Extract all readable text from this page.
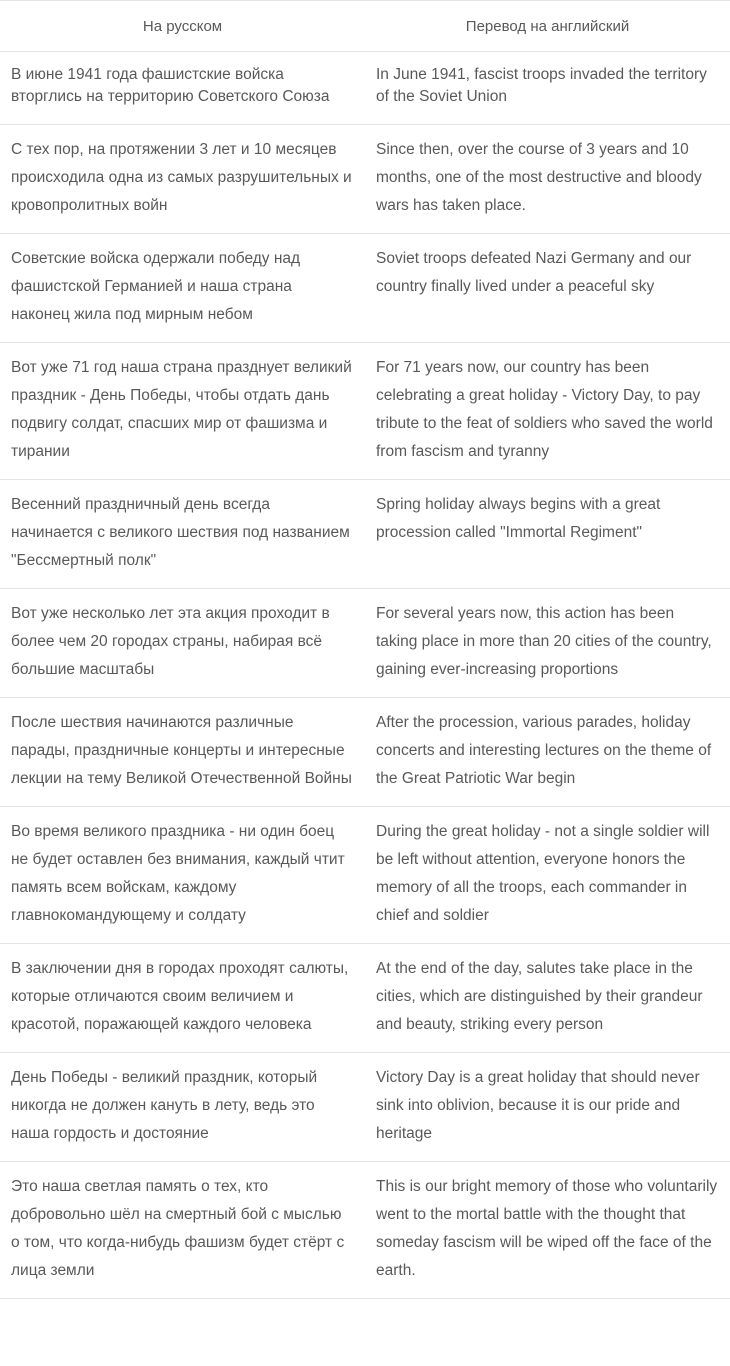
На русском	Перевод на английский
В июне 1941 года фашистские войска вторглись на территорию Советского Союза	In June 1941, fascist troops invaded the territory of the Soviet Union
С тех пор, на протяжении 3 лет и 10 месяцев происходила одна из самых разрушительных и кровопролитных войн	Since then, over the course of 3 years and 10 months, one of the most destructive and bloody wars has taken place.
Советские войска одержали победу над фашистской Германией и наша страна наконец жила под мирным небом	Soviet troops defeated Nazi Germany and our country finally lived under a peaceful sky
Вот уже 71 год наша страна празднует великий праздник - День Победы, чтобы отдать дань подвигу солдат, спасших мир от фашизма и тирании	For 71 years now, our country has been celebrating a great holiday - Victory Day, to pay tribute to the feat of soldiers who saved the world from fascism and tyranny
Весенний праздничный день всегда начинается с великого шествия под названием "Бессмертный полк"	Spring holiday always begins with a great procession called "Immortal Regiment"
Вот уже несколько лет эта акция проходит в более чем 20 городах страны, набирая всё большие масштабы	For several years now, this action has been taking place in more than 20 cities of the country, gaining ever-increasing proportions
После шествия начинаются различные парады, праздничные концерты и интересные лекции на тему Великой Отечественной Войны	After the procession, various parades, holiday concerts and interesting lectures on the theme of the Great Patriotic War begin
Во время великого праздника - ни один боец не будет оставлен без внимания, каждый чтит память всем войскам, каждому главнокомандующему и солдату	During the great holiday - not a single soldier will be left without attention, everyone honors the memory of all the troops, each commander in chief and soldier
В заключении дня в городах проходят салюты, которые отличаются своим величием и красотой, поражающей каждого человека	At the end of the day, salutes take place in the cities, which are distinguished by their grandeur and beauty, striking every person
День Победы - великий праздник, который никогда не должен кануть в лету, ведь это наша гордость и достояние	Victory Day is a great holiday that should never sink into oblivion, because it is our pride and heritage
Это наша светлая память о тех, кто добровольно шёл на смертный бой с мыслью о том, что когда-нибудь фашизм будет стёрт с лица земли	This is our bright memory of those who voluntarily went to the mortal battle with the thought that someday fascism will be wiped off the face of the earth.
